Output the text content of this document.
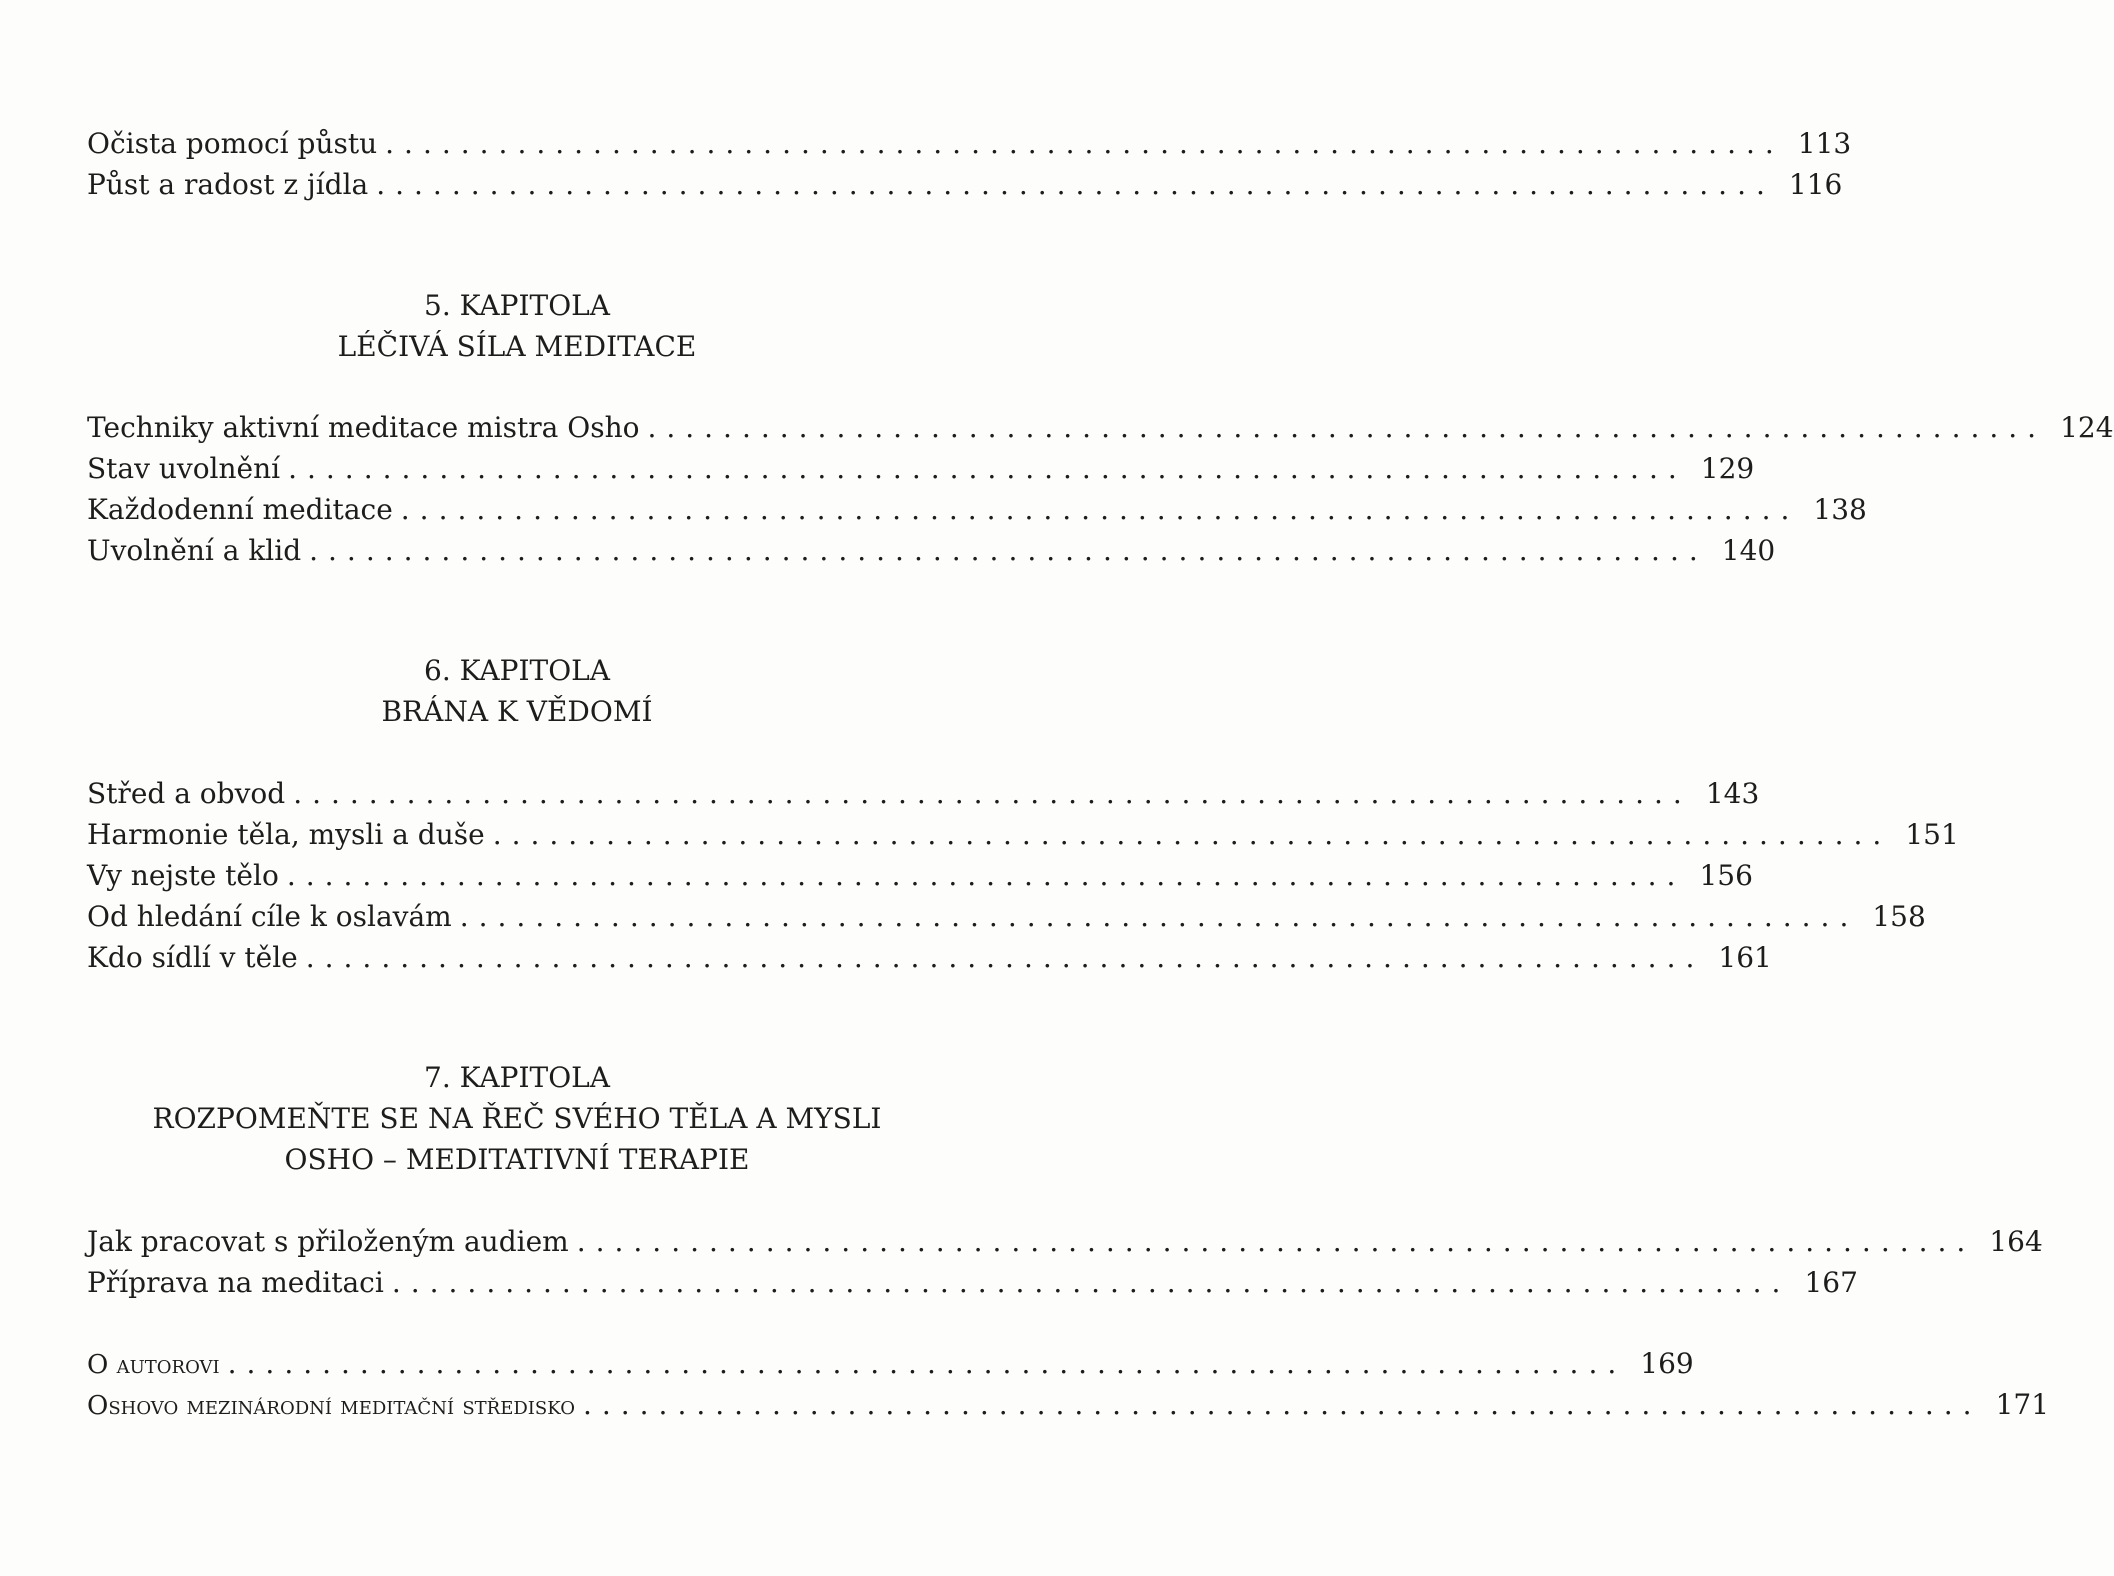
Očista pomocí půstu .......................................................................... 113
Půst a radost z jídla .......................................................................... 116
5. KAPITOLA
LÉČIVÁ SÍLA MEDITACE
Techniky aktivní meditace mistra Osho .......................................................................... 124
Stav uvolnění .......................................................................... 129
Každodenní meditace .......................................................................... 138
Uvolnění a klid .......................................................................... 140
6. KAPITOLA
BRÁNA K VĚDOMÍ
Střed a obvod .......................................................................... 143
Harmonie těla, mysli a duše .......................................................................... 151
Vy nejste tělo .......................................................................... 156
Od hledání cíle k oslavám .......................................................................... 158
Kdo sídlí v těle .......................................................................... 161
7. KAPITOLA
ROZPOMEŇTE SE NA ŘEČ SVÉHO TĚLA A MYSLI
OSHO – MEDITATIVNÍ TERAPIE
Jak pracovat s přiloženým audiem .......................................................................... 164
Příprava na meditaci .......................................................................... 167
O autorovi .......................................................................... 169
Oshovo mezinárodní meditační středisko .......................................................................... 171
